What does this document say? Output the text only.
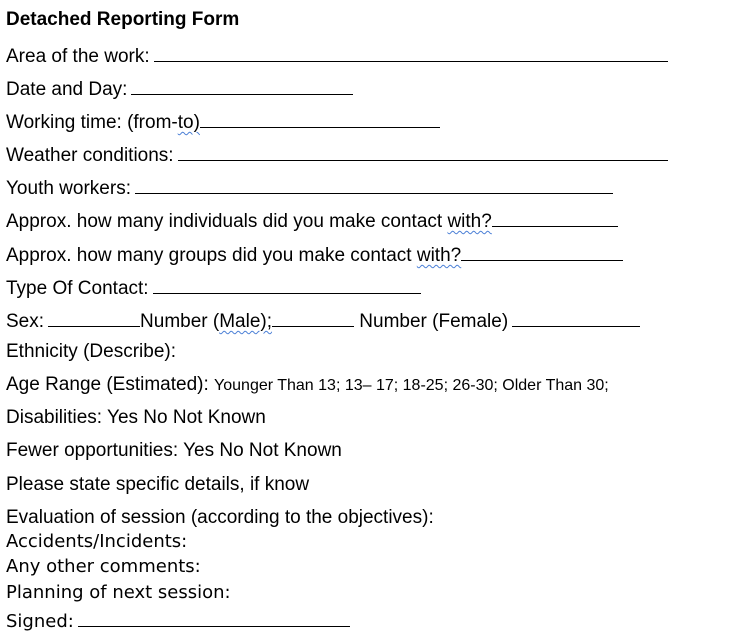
Detached Reporting Form
Area of the work:
Date and Day:
Working time: (from-to)
Weather conditions:
Youth workers:
Approx. how many individuals did you make contact with?
Approx. how many groups did you make contact with?
Type Of Contact:
Sex:	Number (Male);	Number (Female)
Ethnicity (Describe):
Age Range (Estimated): Younger Than 13; 13– 17; 18-25; 26-30; Older Than 30;
Disabilities: Yes No Not Known
Fewer opportunities: Yes No Not Known
Please state specific details, if know
Evaluation of session (according to the objectives):
Accidents/Incidents:
Any other comments:
Planning of next session:
Signed:
